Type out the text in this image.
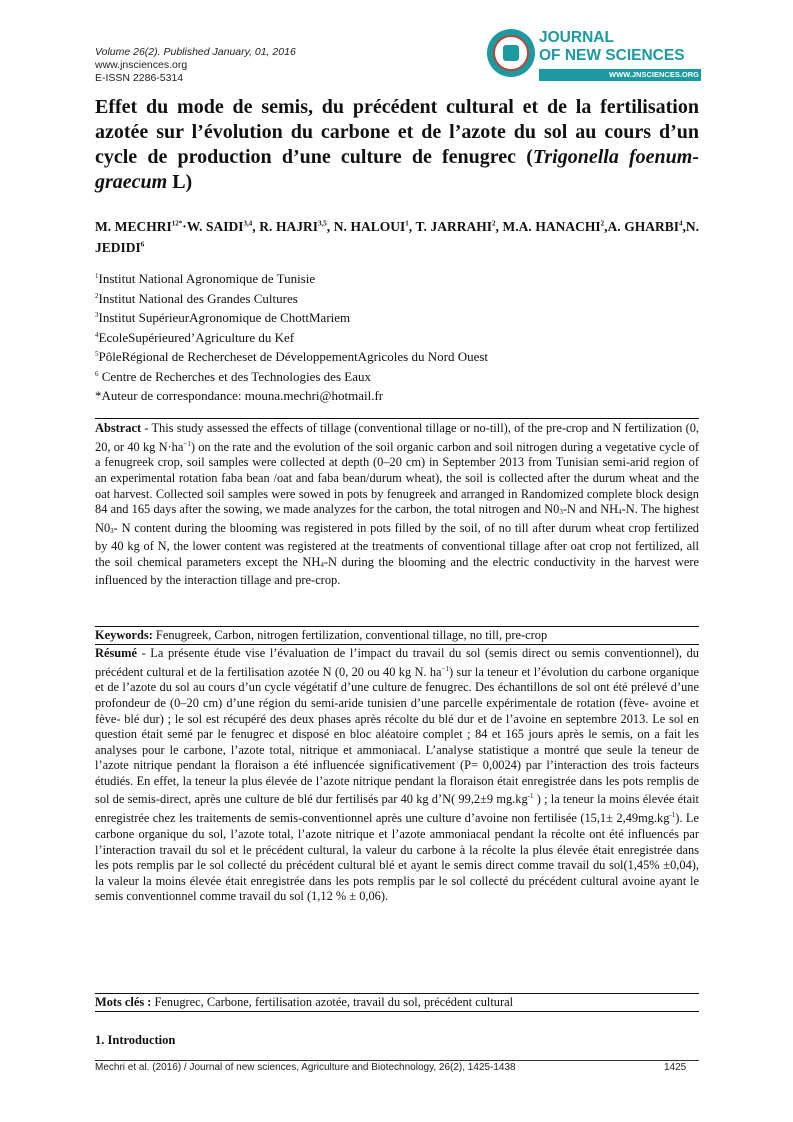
Volume 26(2). Published January, 01, 2016
www.jnsciences.org
E-ISSN 2286-5314
JOURNAL
OF NEW SCIENCES
WWW.JNSCIENCES.ORG
Effet du mode de semis, du précédent cultural et de la fertilisation azotée sur l’évolution du carbone et de l’azote du sol au cours d’un cycle de production d’une culture de fenugrec (Trigonella foenum-graecum L)

M. $MECHRI^{12*}\cdot W$. SAIDI$^{3,4}$, R. HAJRI$^{3,5}$, N. HALOUI$^1$, T. JARRAHI$^2$, M.A. HANACHI$^2$,A. GHARBI$^4$,N. JEDIDI$^6$

$^1$Institut National Agronomique de Tunisie
$^2$Institut National des Grandes Cultures
$^3$Institut SupérieurAgronomique de ChottMariem
$^4$EcoleSupérieured’Agriculture du Kef
$^5$PôleRégional de Rechercheset de DéveloppementAgricoles du Nord Ouest
$^6$ Centre de Recherches et des Technologies des Eaux
*Auteur de correspondance: mouna.mechri@hotmail.fr

Abstract - This study assessed the effects of tillage (conventional tillage or no-till), of the pre-crop and N fertilization (0, 20, or 40 kg $N\cdot ha^{-1}$) on the rate and the evolution of the soil organic carbon and soil nitrogen during a vegetative cycle of a fenugreek crop, soil samples were collected at depth (0–20 cm) in September 2013 from Tunisian semi-arid region of an experimental rotation faba bean /oat and faba bean/durum wheat), the soil is collected after the durum wheat and the oat harvest. Collected soil samples were sowed in pots by fenugreek and arranged in Randomized complete block design 84 and 165 days after the sowing, we made analyzes for the carbon, the total nitrogen and $N0_3-N$ and $NH_4-N$. The highest $N0_3-$ N content during the blooming was registered in pots filled by the soil, of no till after durum wheat crop fertilized by 40 kg of N, the lower content was registered at the treatments of conventional tillage after oat crop not fertilized, all the soil chemical parameters except the $NH_4-N$ during the blooming and the electric conductivity in the harvest were influenced by the interaction tillage and pre-crop.

Keywords: Fenugreek, Carbon, nitrogen fertilization, conventional tillage, no till, pre-crop

Résumé - La présente étude vise l’évaluation de l’impact du travail du sol (semis direct ou semis conventionnel), du précédent cultural et de la fertilisation azotée N (0, 20 ou 40 kg N. $ha^{-1}$) sur la teneur et l’évolution du carbone organique et de l’azote du sol au cours d’un cycle végétatif d’une culture de fenugrec. Des échantillons de sol ont été prélevé d’une profondeur de (0–20 cm) d’une région du semi-aride tunisien d’une parcelle expérimentale de rotation (fève- avoine et fève- blé dur) ; le sol est récupéré des deux phases après récolte du blé dur et de l’avoine en septembre 2013. Le sol en question était semé par le fenugrec et disposé en bloc aléatoire complet ; 84 et 165 jours après le semis, on a fait les analyses pour le carbone, l’azote total, nitrique et ammoniacal. L’analyse statistique a montré que seule la teneur de l’azote nitrique pendant la floraison a été influencée significativement (P= 0,0024) par l’interaction des trois facteurs étudiés. En effet, la teneur la plus élevée de l’azote nitrique pendant la floraison était enregistrée dans les pots remplis de sol de semis-direct, après une culture de blé dur fertilisés par 40 kg d’N( 99,2±9 $mg.kg^{-1}$ ) ; la teneur la moins élevée était enregistrée chez les traitements de semis-conventionnel après une culture d’avoine non fertilisée $(15,1\pm 2,49mg.kg^{-1})$. Le carbone organique du sol, l’azote total, l’azote nitrique et l’azote ammoniacal pendant la récolte ont été influencés par l’interaction travail du sol et le précédent cultural, la valeur du carbone à la récolte la plus élevée était enregistrée dans les pots remplis par le sol collecté du précédent cultural blé et ayant le semis direct comme travail du sol(1,45% ±0,04), la valeur la moins élevée était enregistrée dans les pots remplis par le sol collecté du précédent cultural avoine ayant le semis conventionnel comme travail du sol (1,12 % ± 0,06).

Mots clés : Fenugrec, Carbone, fertilisation azotée, travail du sol, précédent cultural
1. Introduction
Mechri et al. (2016) / Journal of new sciences, Agriculture and Biotechnology, 26(2), 1425-1438	1425
